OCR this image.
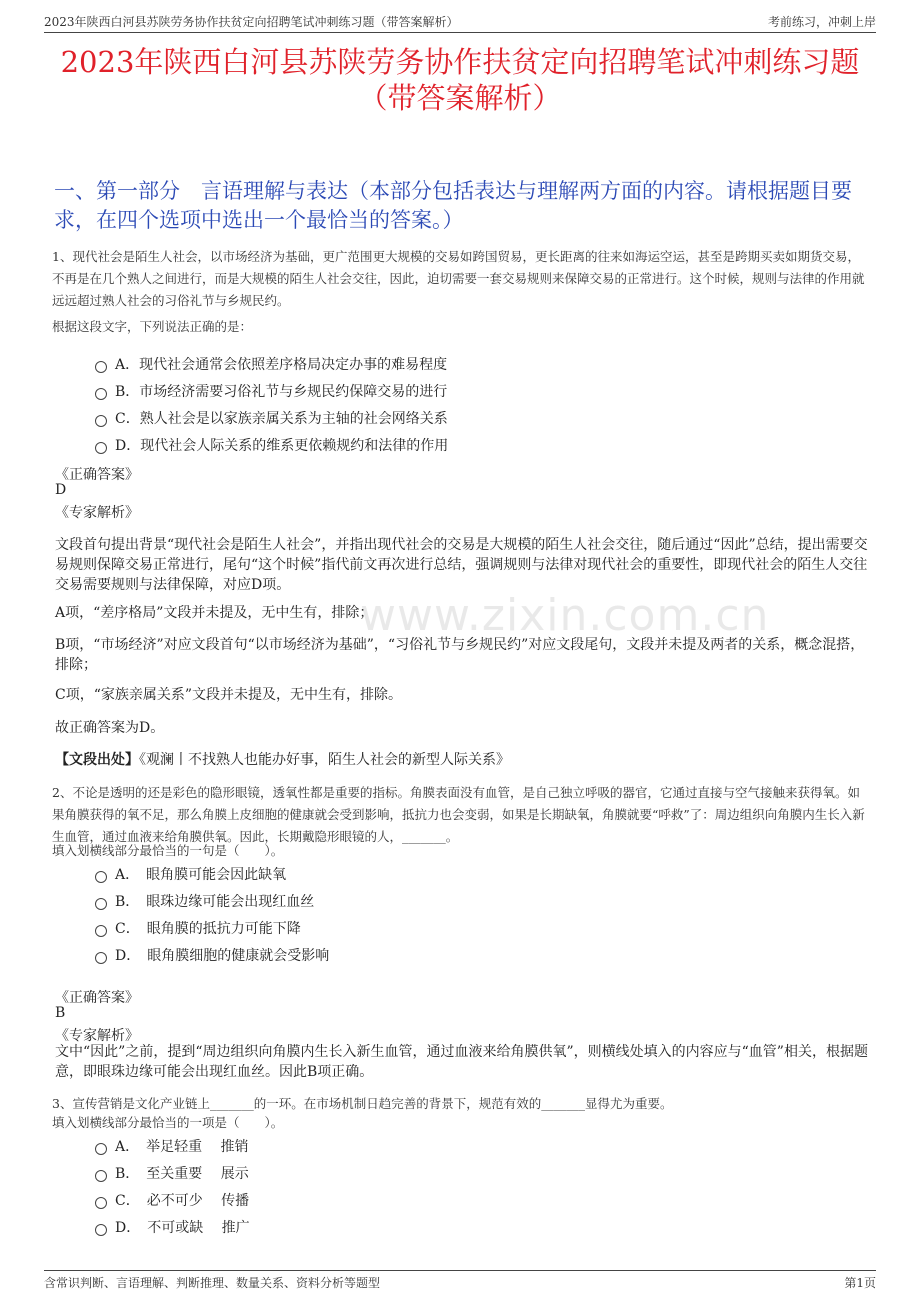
2023年陕西白河县苏陕劳务协作扶贫定向招聘笔试冲刺练习题（带答案解析）	考前练习，冲刺上岸
2023年陕西白河县苏陕劳务协作扶贫定向招聘笔试冲刺练习题
（带答案解析）
www.zixin.com.cn
一、第一部分　言语理解与表达（本部分包括表达与理解两方面的内容。请根据题目要求，在四个选项中选出一个最恰当的答案。）
1、现代社会是陌生人社会，以市场经济为基础，更广范围更大规模的交易如跨国贸易，更长距离的往来如海运空运，甚至是跨期买卖如期货交易，不再是在几个熟人之间进行，而是大规模的陌生人社会交往，因此，迫切需要一套交易规则来保障交易的正常进行。这个时候，规则与法律的作用就远远超过熟人社会的习俗礼节与乡规民约。
根据这段文字，下列说法正确的是：
A．现代社会通常会依照差序格局决定办事的难易程度
B．市场经济需要习俗礼节与乡规民约保障交易的进行
C．熟人社会是以家族亲属关系为主轴的社会网络关系
D．现代社会人际关系的维系更依赖规约和法律的作用
《正确答案》
D
《专家解析》
文段首句提出背景“现代社会是陌生人社会”，并指出现代社会的交易是大规模的陌生人社会交往，随后通过“因此”总结，提出需要交易规则保障交易正常进行，尾句“这个时候”指代前文再次进行总结，强调规则与法律对现代社会的重要性，即现代社会的陌生人交往交易需要规则与法律保障，对应D项。
A项，“差序格局”文段并未提及，无中生有，排除；
B项，“市场经济”对应文段首句“以市场经济为基础”，“习俗礼节与乡规民约”对应文段尾句，文段并未提及两者的关系，概念混搭，排除；
C项，“家族亲属关系”文段并未提及，无中生有，排除。
故正确答案为D。
【文段出处】《观澜丨不找熟人也能办好事，陌生人社会的新型人际关系》
2、不论是透明的还是彩色的隐形眼镜，透氧性都是重要的指标。角膜表面没有血管，是自己独立呼吸的器官，它通过直接与空气接触来获得氧。如果角膜获得的氧不足，那么角膜上皮细胞的健康就会受到影响，抵抗力也会变弱，如果是长期缺氧，角膜就要“呼救”了：周边组织向角膜内生长入新生血管，通过血液来给角膜供氧。因此，长期戴隐形眼镜的人，_______。
填入划横线部分最恰当的一句是（　　）。
A．　眼角膜可能会因此缺氧
B．　眼珠边缘可能会出现红血丝
C．　眼角膜的抵抗力可能下降
D．　眼角膜细胞的健康就会受影响
《正确答案》
B
《专家解析》
文中“因此”之前，提到“周边组织向角膜内生长入新生血管，通过血液来给角膜供氧”，则横线处填入的内容应与“血管”相关，根据题意，即眼珠边缘可能会出现红血丝。因此B项正确。
3、宣传营销是文化产业链上_______的一环。在市场机制日趋完善的背景下，规范有效的_______显得尤为重要。
填入划横线部分最恰当的一项是（　　）。
A．　举足轻重　 推销
B．　至关重要　 展示
C．　必不可少　 传播
D．　不可或缺　 推广
含常识判断、言语理解、判断推理、数量关系、资料分析等题型	第1页
